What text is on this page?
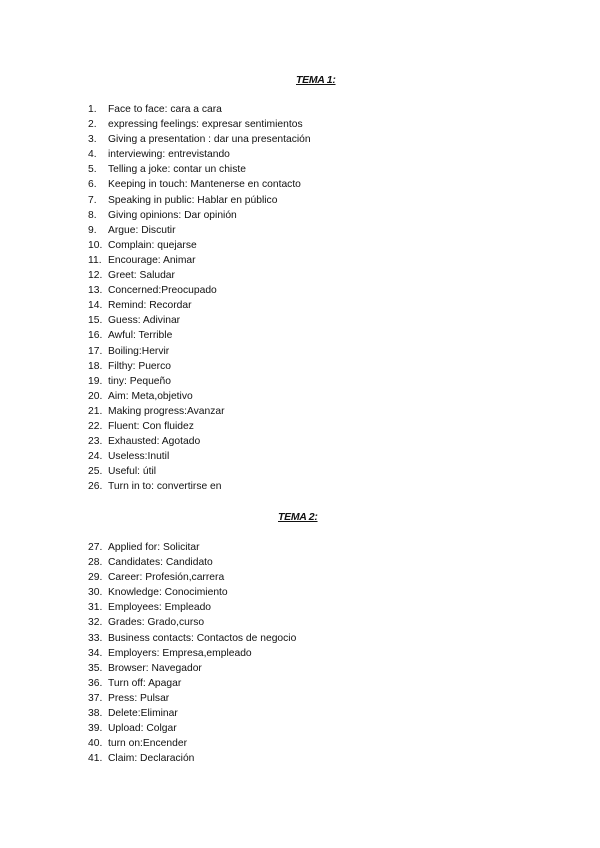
TEMA 1:
1.	Face to face: cara a cara
2.	expressing feelings: expresar sentimientos
3.	Giving a presentation : dar una presentación
4.	interviewing: entrevistando
5.	Telling a joke: contar un chiste
6.	Keeping in touch: Mantenerse en contacto
7.	Speaking in public: Hablar en público
8.	Giving opinions: Dar opinión
9.	Argue: Discutir
10. Complain: quejarse
11. Encourage: Animar
12. Greet: Saludar
13. Concerned:Preocupado
14. Remind: Recordar
15. Guess: Adivinar
16. Awful: Terrible
17. Boiling:Hervir
18. Filthy: Puerco
19. tiny: Pequeño
20. Aim: Meta,objetivo
21. Making progress:Avanzar
22. Fluent: Con fluidez
23. Exhausted: Agotado
24. Useless:Inutil
25. Useful: útil
26. Turn in to: convertirse en
TEMA 2:
27. Applied for: Solicitar
28. Candidates: Candidato
29. Career: Profesión,carrera
30. Knowledge: Conocimiento
31. Employees: Empleado
32. Grades: Grado,curso
33. Business contacts: Contactos de negocio
34. Employers: Empresa,empleado
35. Browser: Navegador
36. Turn off: Apagar
37. Press: Pulsar
38. Delete:Eliminar
39. Upload: Colgar
40. turn on:Encender
41. Claim: Declaración
